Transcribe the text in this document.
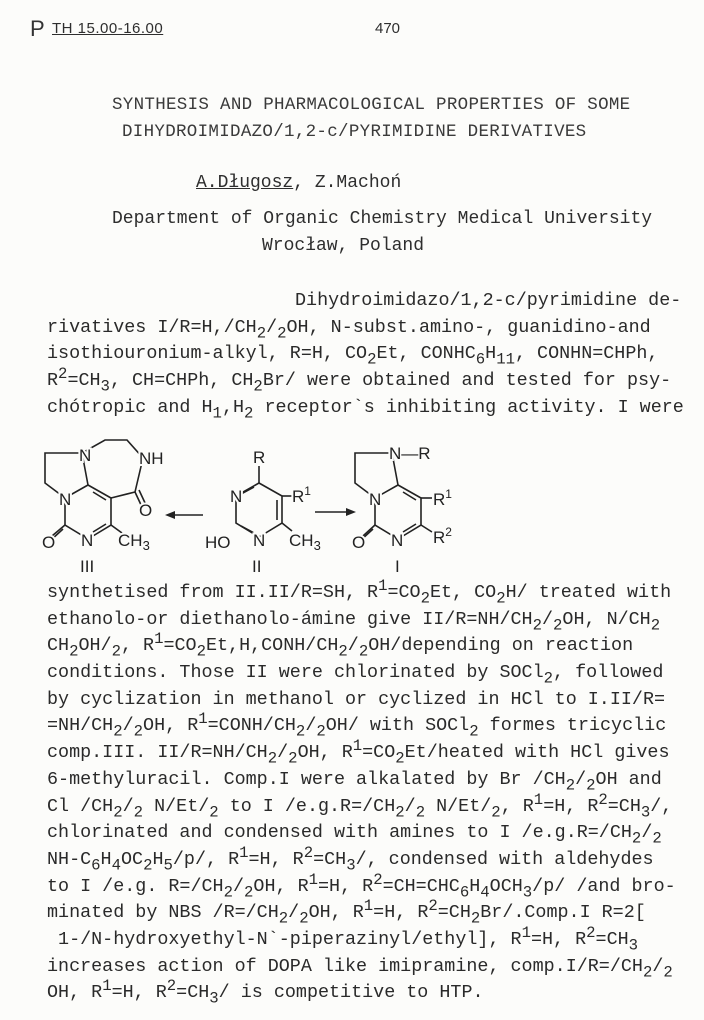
P TH 15.00-16.00	470
SYNTHESIS AND PHARMACOLOGICAL PROPERTIES OF SOME
DIHYDROIMIDAZO/1,2-c/PYRIMIDINE DERIVATIVES
A.Długosz, Z.Machoń
Department of Organic Chemistry Medical University
Wrocław, Poland
Dihydroimidazo/1,2-c/pyrimidine de-
rivatives $I/R=H,/CH_2/_2OH$, N-subst.amino-, guanidino-and
isothiouronium-alkyl, R=H, $CO_2Et$, $CONHC_6H_{11}$, CONHN=CHPh,
$R^2=CH_3$, CH=CHPh, $CH_2Br/$ were obtained and tested for psy-
chótropic and $H_1,H_2$ receptor`s inhibiting activity. I were
N	NH
N
O
O N $CH_3$
III
R
N	$R^1$
HO N $CH_3$
II
N—R
N	$R^1$
$R^2$
O N
I
synthetised from II.II/R=SH, $R^1=CO_2Et$, $CO_2H/$ treated with
ethanolo-or diethanolo-ámine give $II/R=NH/CH_2/_2OH$, $N/CH_2$
$CH_2OH/_2$, $R^1=CO_2Et,H,CONH/CH_2/_2OH$/depending on reaction
conditions. Those II were chlorinated by SOCl$_2$, followed
by cyclization in methanol or cyclized in HCl to I.II/R=
$=NH/CH_2/_2OH$, $R^1=CONH/CH_2/_2OH/$ with SOCl$_2$ formes tricyclic
comp.III. $II/R=NH/CH_2/_2OH$, $R^1=CO_2Et$/heated with HCl gives
6-methyluracil. Comp.I were alkalated by Br $/CH_2/_2OH$ and
Cl $/CH_2/_2$ $N/Et/_2$ to I $/e.g.R=/CH_2/_2$ $N/Et/_2$, $R^1=H$, $R^2=CH_3/$,
chlorinated and condensed with amines to I $/e.g.R=/CH_2/_2$
$NH-C_6H_4OC_2H_5/p/$, $R^1=H$, $R^2=CH_3/$, condensed with aldehydes
to I /e.g. $R=/CH_2/_2OH$, $R^1=H$, $R^2=CH=CHC_6H_4OCH_3/p/$ /and bro-
minated by NBS $/R=/CH_2/_2OH$, $R^1=H$, $R^2=CH_2Br/.Comp.I$ R=2[
1-/N-hydroxyethyl-N`-piperazinyl/ethyl], $R^1=H$, $R^2=CH_3$
increases action of DOPA like imipramine, $comp.I/R=/CH_2/_2$
OH, $R^1=H$, $R^2=CH_3/$ is competitive to HTP.
